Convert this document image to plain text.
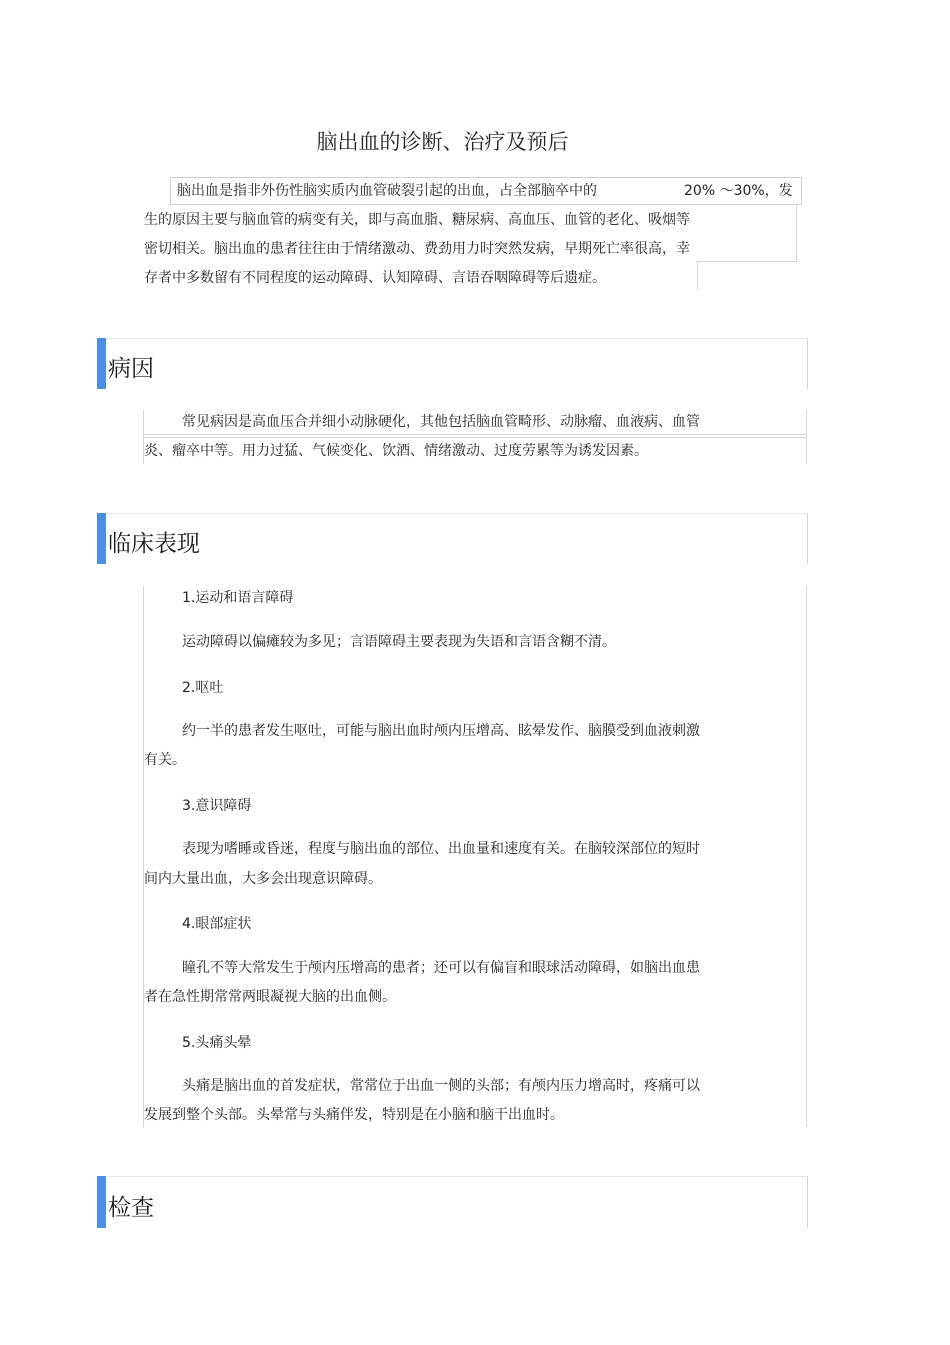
脑出血的诊断、治疗及预后
脑出血是指非外伤性脑实质内血管破裂引起的出血，占全部脑卒中的	20% ～30%，发
生的原因主要与脑血管的病变有关，即与高血脂、糖尿病、高血压、血管的老化、吸烟等
密切相关。脑出血的患者往往由于情绪激动、费劲用力时突然发病，早期死亡率很高，幸
存者中多数留有不同程度的运动障碍、认知障碍、言语吞咽障碍等后遗症。
病因
常见病因是高血压合并细小动脉硬化，其他包括脑血管畸形、动脉瘤、血液病、血管
炎、瘤卒中等。用力过猛、气候变化、饮酒、情绪激动、过度劳累等为诱发因素。
临床表现
1.运动和语言障碍
运动障碍以偏瘫较为多见；言语障碍主要表现为失语和言语含糊不清。
2.呕吐
约一半的患者发生呕吐，可能与脑出血时颅内压增高、眩晕发作、脑膜受到血液刺激
有关。
3.意识障碍
表现为嗜睡或昏迷，程度与脑出血的部位、出血量和速度有关。在脑较深部位的短时
间内大量出血，大多会出现意识障碍。
4.眼部症状
瞳孔不等大常发生于颅内压增高的患者；还可以有偏盲和眼球活动障碍，如脑出血患
者在急性期常常两眼凝视大脑的出血侧。
5.头痛头晕
头痛是脑出血的首发症状，常常位于出血一侧的头部；有颅内压力增高时，疼痛可以
发展到整个头部。头晕常与头痛伴发，特别是在小脑和脑干出血时。
检查
